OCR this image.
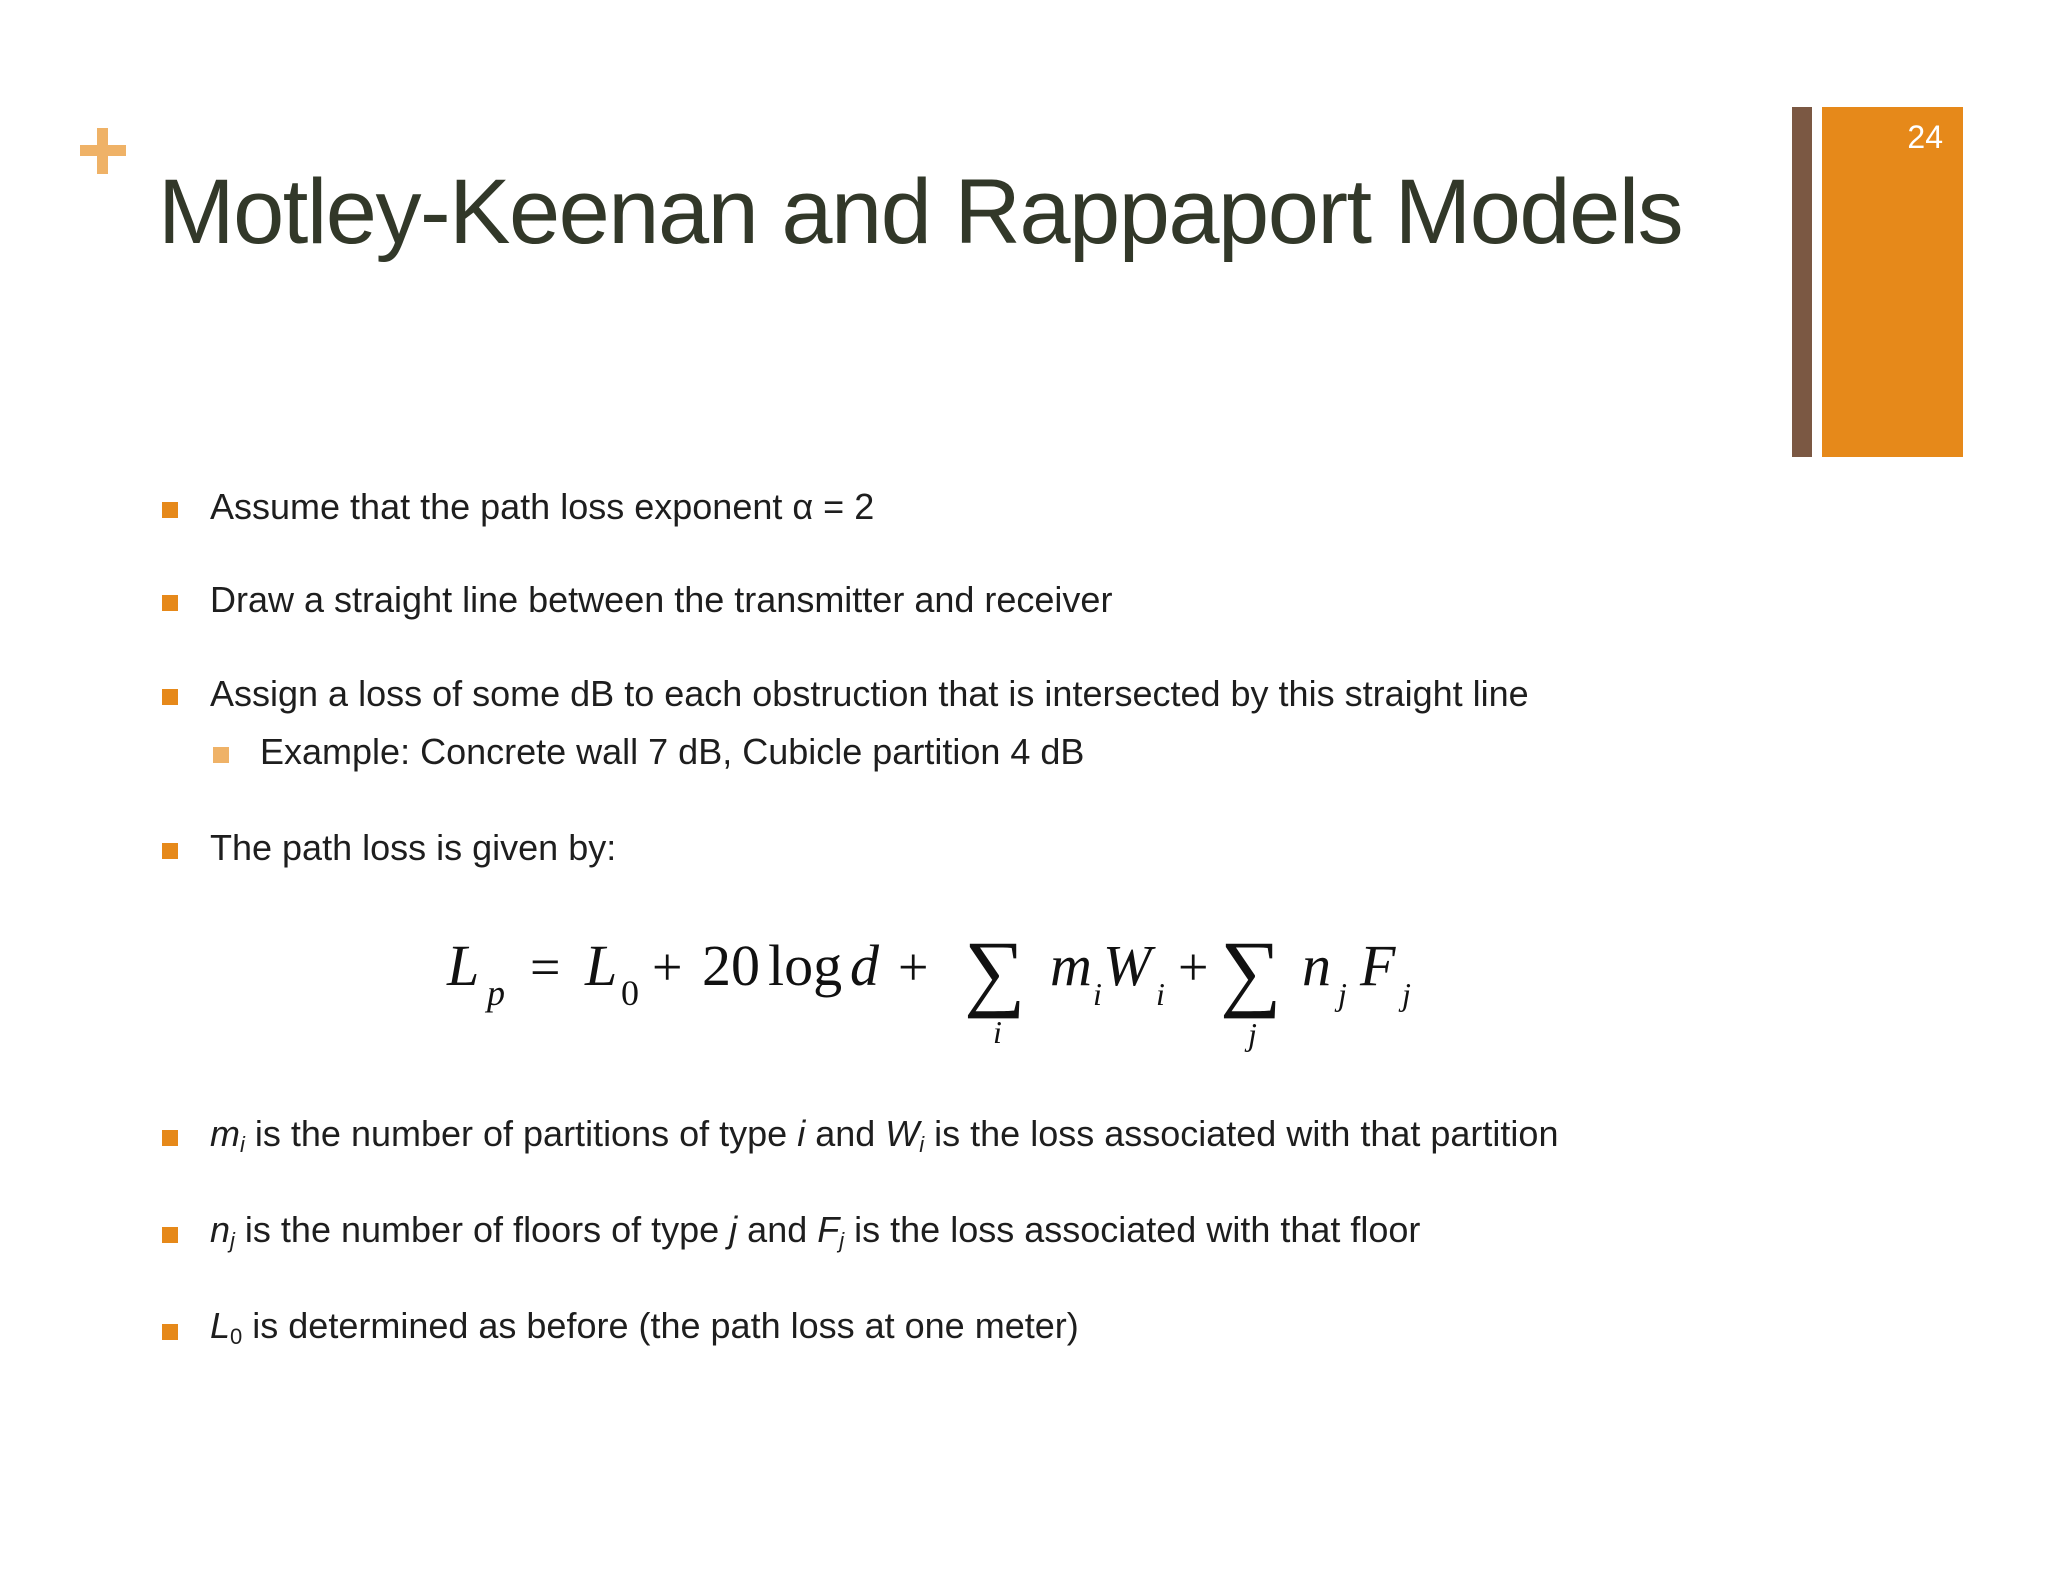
Motley-Keenan and Rappaport Models
24
Assume that the path loss exponent α = 2
Draw a straight line between the transmitter and receiver
Assign a loss of some dB to each obstruction that is intersected by this straight line
Example: Concrete wall 7 dB, Cubicle partition 4 dB
The path loss is given by:
L p = L 0 + 20 log d + ∑
i
m i W i + ∑
j
n j F j
$m_i$ is the number of partitions of type i and $W_i$ is the loss associated with that partition
$n_j$ is the number of floors of type j and $F_j$ is the loss associated with that floor
$L_0$ is determined as before (the path loss at one meter)
